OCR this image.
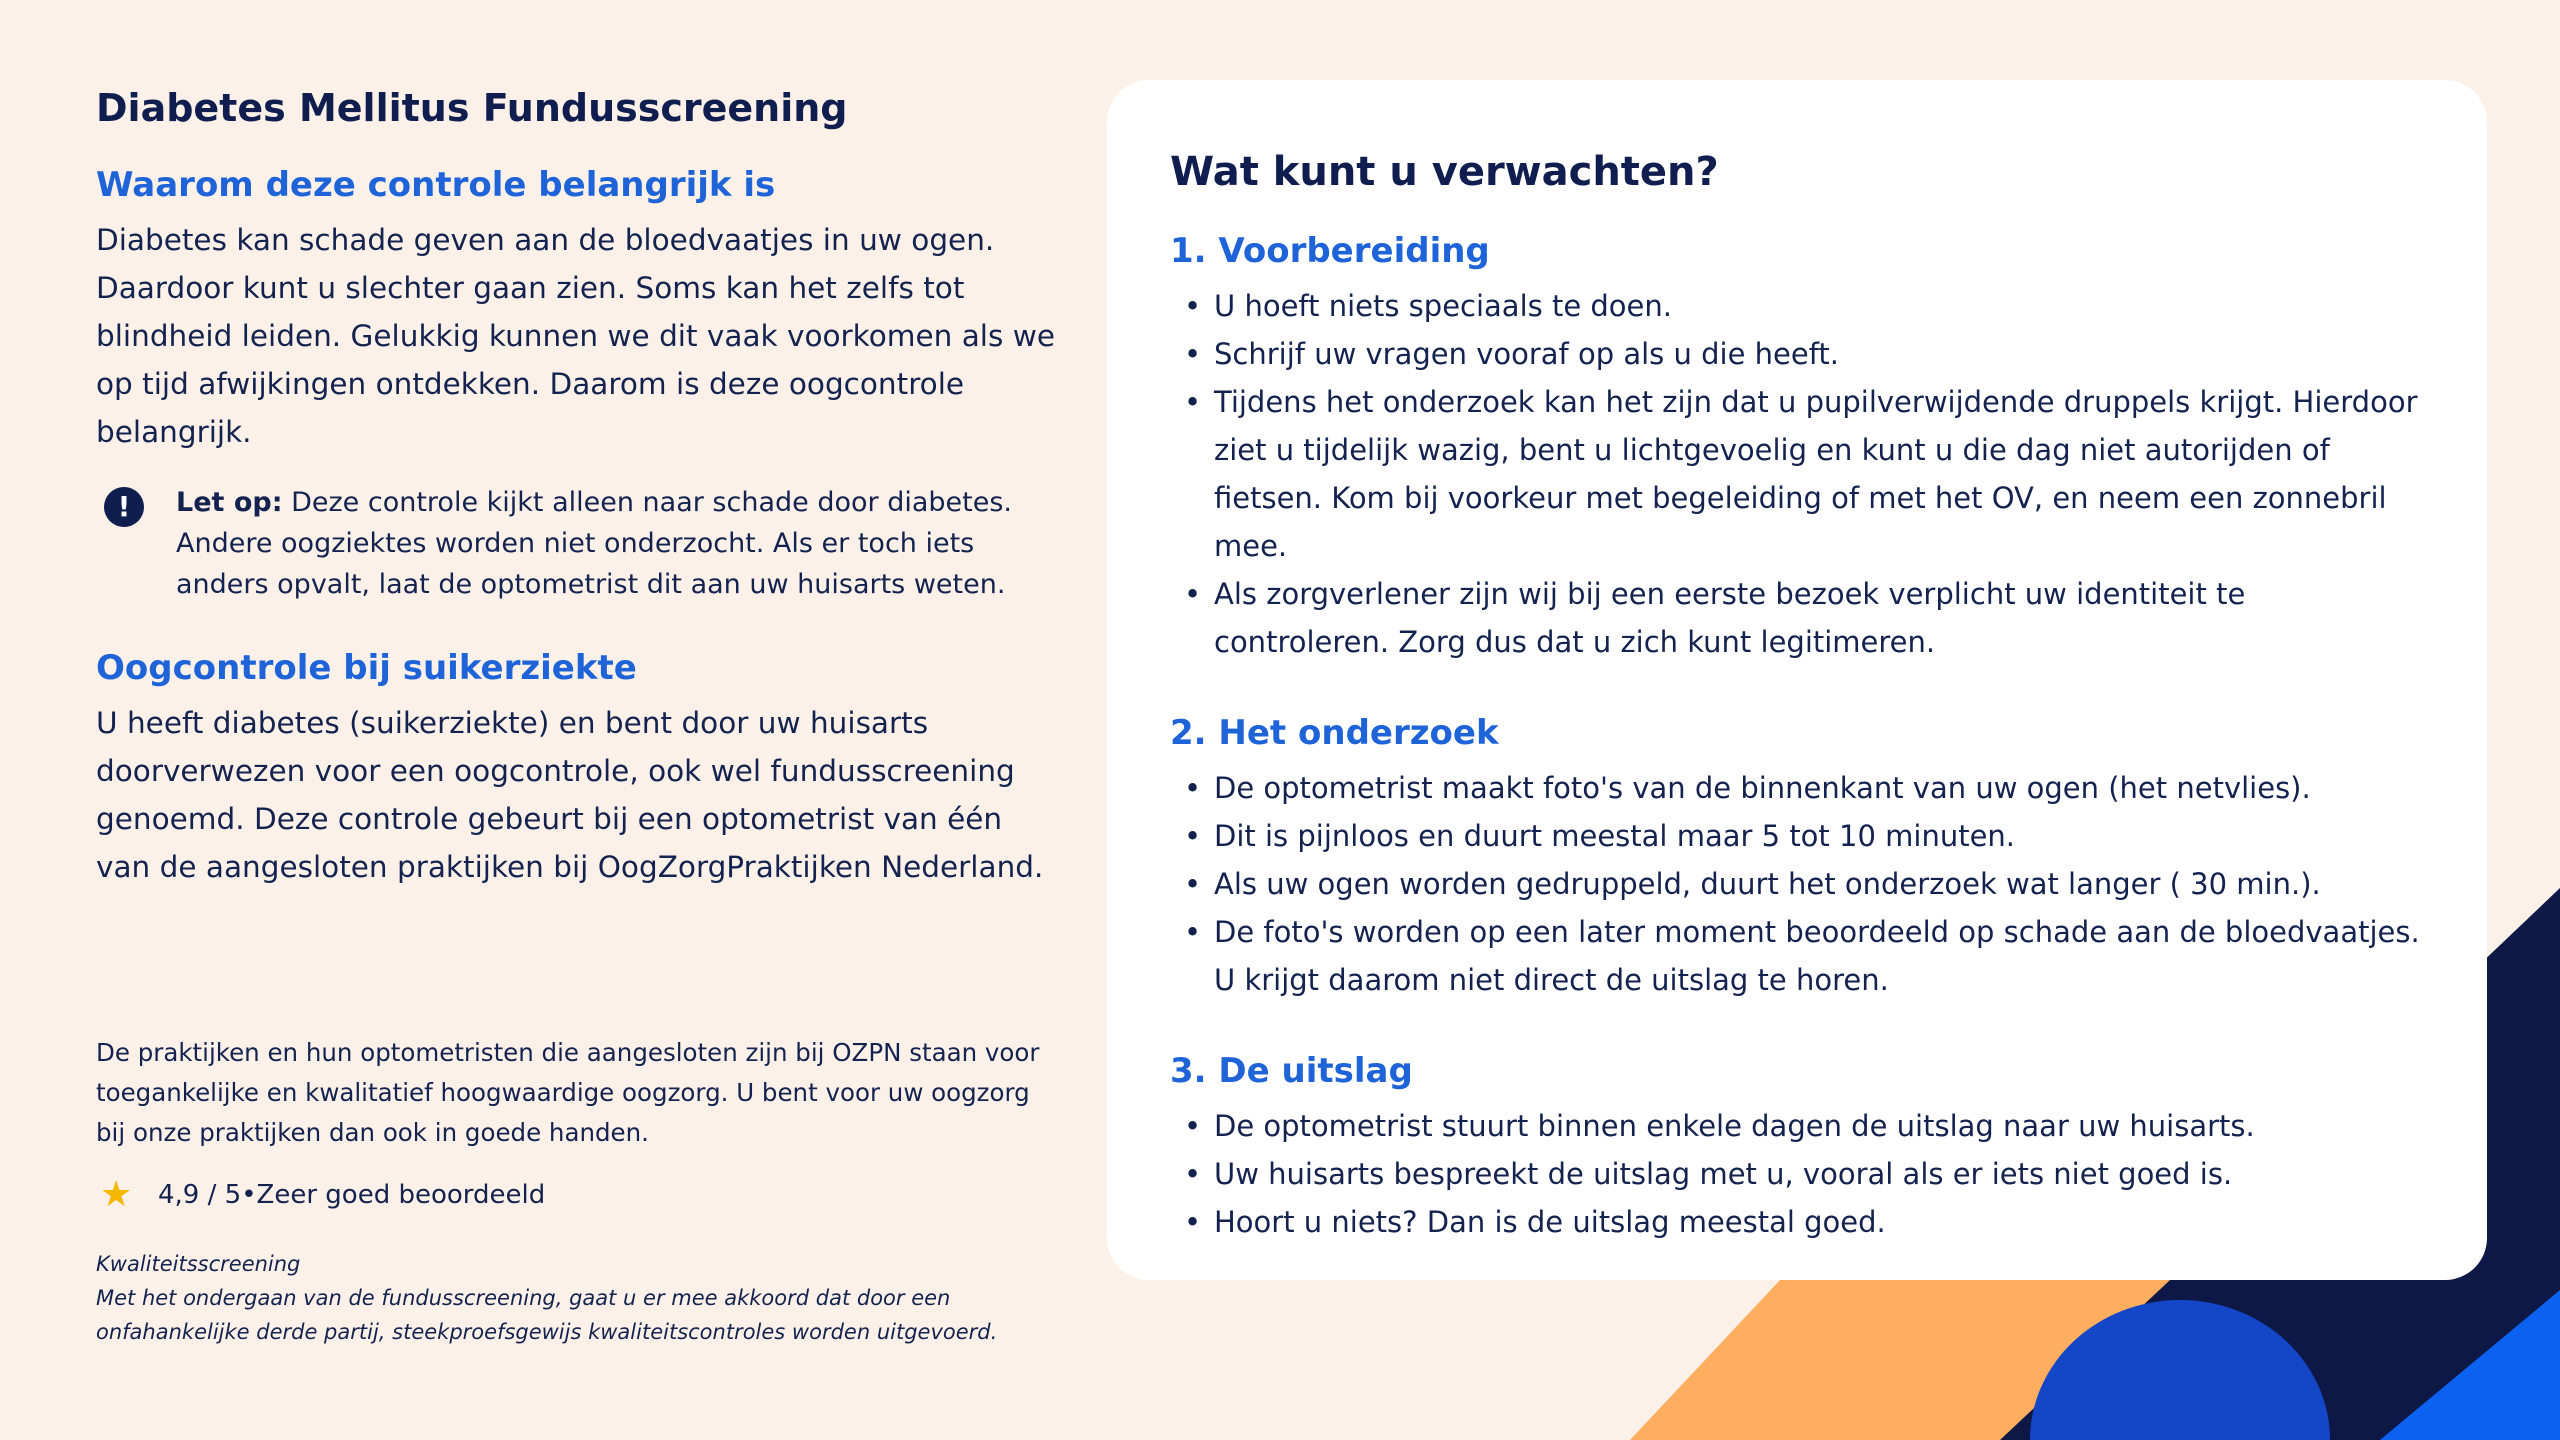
Diabetes Mellitus Fundusscreening
Waarom deze controle belangrijk is

Diabetes kan schade geven aan de bloedvaatjes in uw ogen. Daardoor kunt u slechter gaan zien. Soms kan het zelfs tot blindheid leiden. Gelukkig kunnen we dit vaak voorkomen als we op tijd afwijkingen ontdekken. Daarom is deze oogcontrole belangrijk.

!	Let op: Deze controle kijkt alleen naar schade door diabetes. Andere oogziektes worden niet onderzocht. Als er toch iets anders opvalt, laat de optometrist dit aan uw huisarts weten.
Oogcontrole bij suikerziekte

U heeft diabetes (suikerziekte) en bent door uw huisarts doorverwezen voor een oogcontrole, ook wel fundusscreening genoemd. Deze controle gebeurt bij een optometrist van één van de aangesloten praktijken bij OogZorgPraktijken Nederland.

De praktijken en hun optometristen die aangesloten zijn bij OZPN staan voor toegankelijke en kwalitatief hoogwaardige oogzorg. U bent voor uw oogzorg bij onze praktijken dan ook in goede handen.

★ 4,9 / 5 • Zeer goed beoordeeld
Kwaliteitsscreening
Met het ondergaan van de fundusscreening, gaat u er mee akkoord dat door een onfahankelijke derde partij, steekproefsgewijs kwaliteitscontroles worden uitgevoerd.
Wat kunt u verwachten?
1. Voorbereiding
• U hoeft niets speciaals te doen.
• Schrijf uw vragen vooraf op als u die heeft.
• Tijdens het onderzoek kan het zijn dat u pupilverwijdende druppels krijgt. Hierdoor ziet u tijdelijk wazig, bent u lichtgevoelig en kunt u die dag niet autorijden of fietsen. Kom bij voorkeur met begeleiding of met het OV, en neem een zonnebril mee.
• Als zorgverlener zijn wij bij een eerste bezoek verplicht uw identiteit te controleren. Zorg dus dat u zich kunt legitimeren.
2. Het onderzoek
• De optometrist maakt foto's van de binnenkant van uw ogen (het netvlies).
• Dit is pijnloos en duurt meestal maar 5 tot 10 minuten.
• Als uw ogen worden gedruppeld, duurt het onderzoek wat langer ( 30 min.).
• De foto's worden op een later moment beoordeeld op schade aan de bloedvaatjes. U krijgt daarom niet direct de uitslag te horen.
3. De uitslag
• De optometrist stuurt binnen enkele dagen de uitslag naar uw huisarts.
• Uw huisarts bespreekt de uitslag met u, vooral als er iets niet goed is.
• Hoort u niets? Dan is de uitslag meestal goed.
